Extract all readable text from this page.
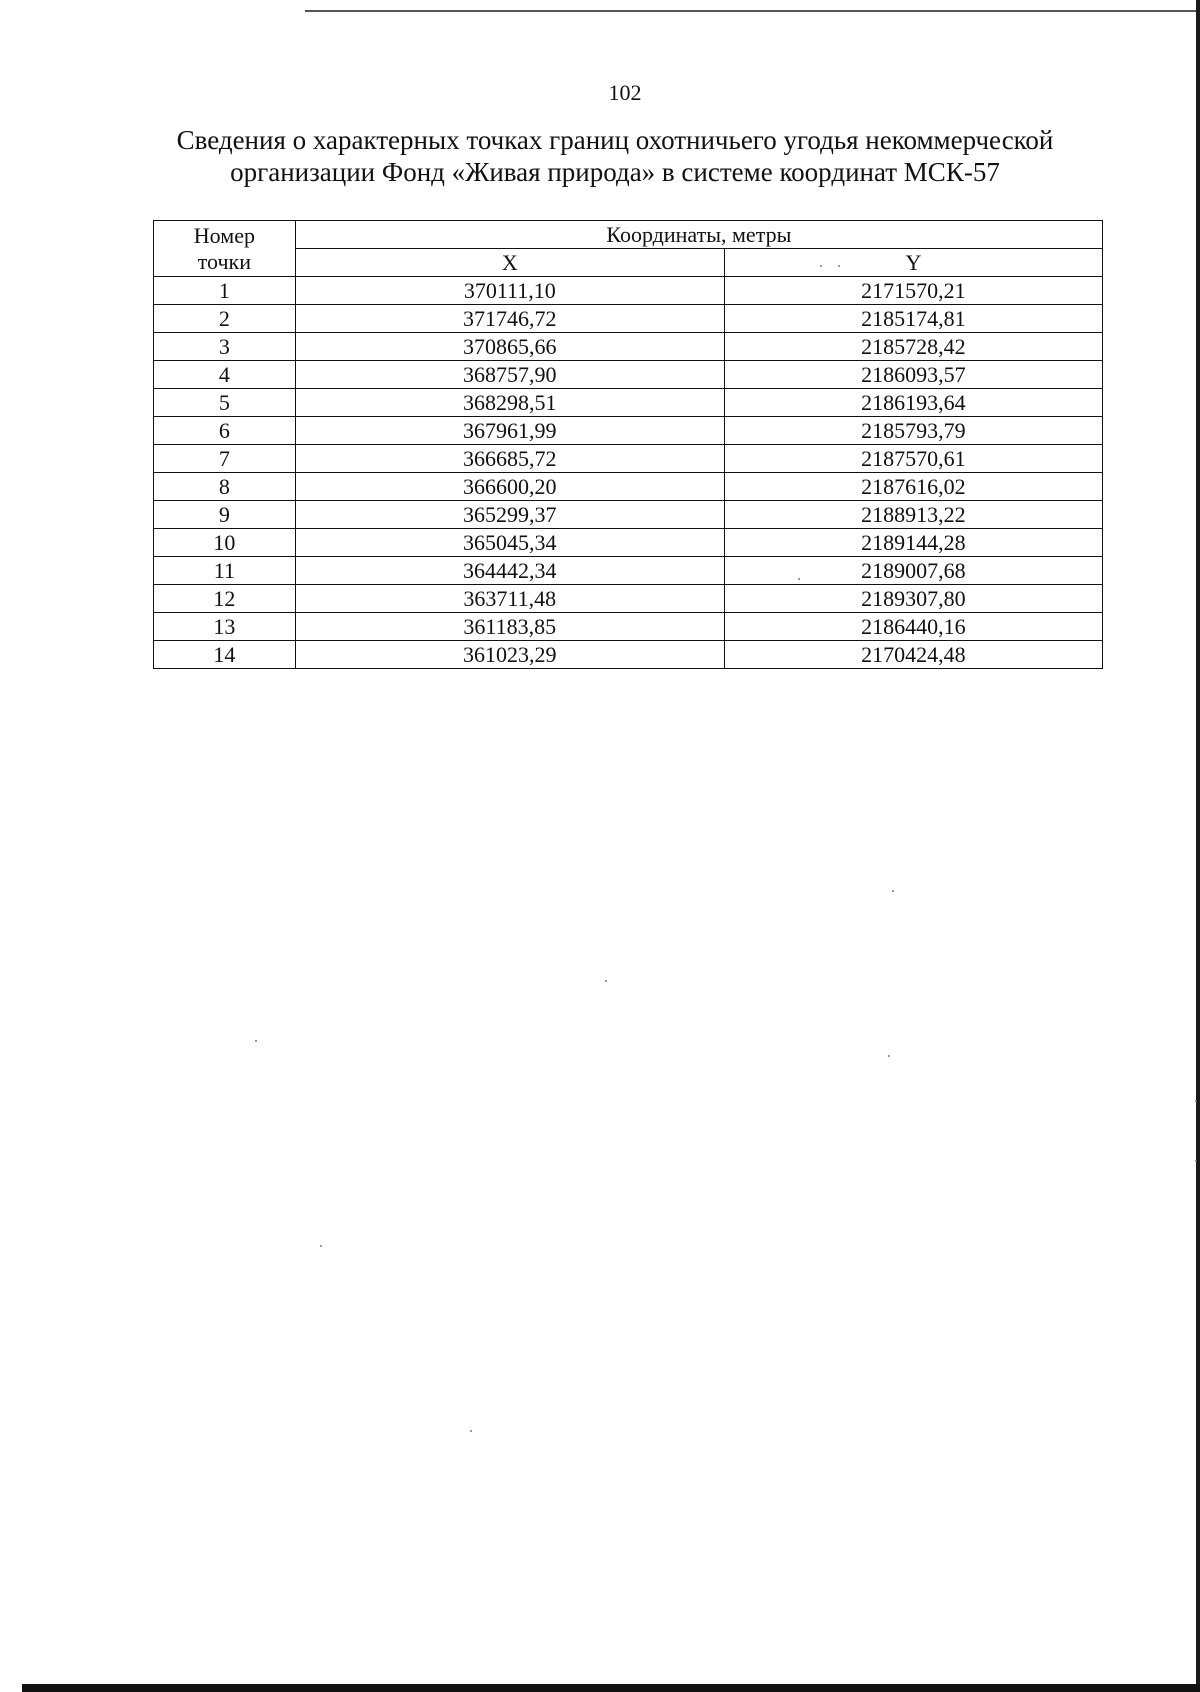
102
Сведения о характерных точках границ охотничьего угодья некоммерческой
организации Фонд «Живая природа» в системе координат МСК-57
Номер
точки	Координаты, метры	
	X	Y
1	370111,10	2171570,21
2	371746,72	2185174,81
3	370865,66	2185728,42
4	368757,90	2186093,57
5	368298,51	2186193,64
6	367961,99	2185793,79
7	366685,72	2187570,61
8	366600,20	2187616,02
9	365299,37	2188913,22
10	365045,34	2189144,28
11	364442,34	2189007,68
12	363711,48	2189307,80
13	361183,85	2186440,16
14	361023,29	2170424,48
